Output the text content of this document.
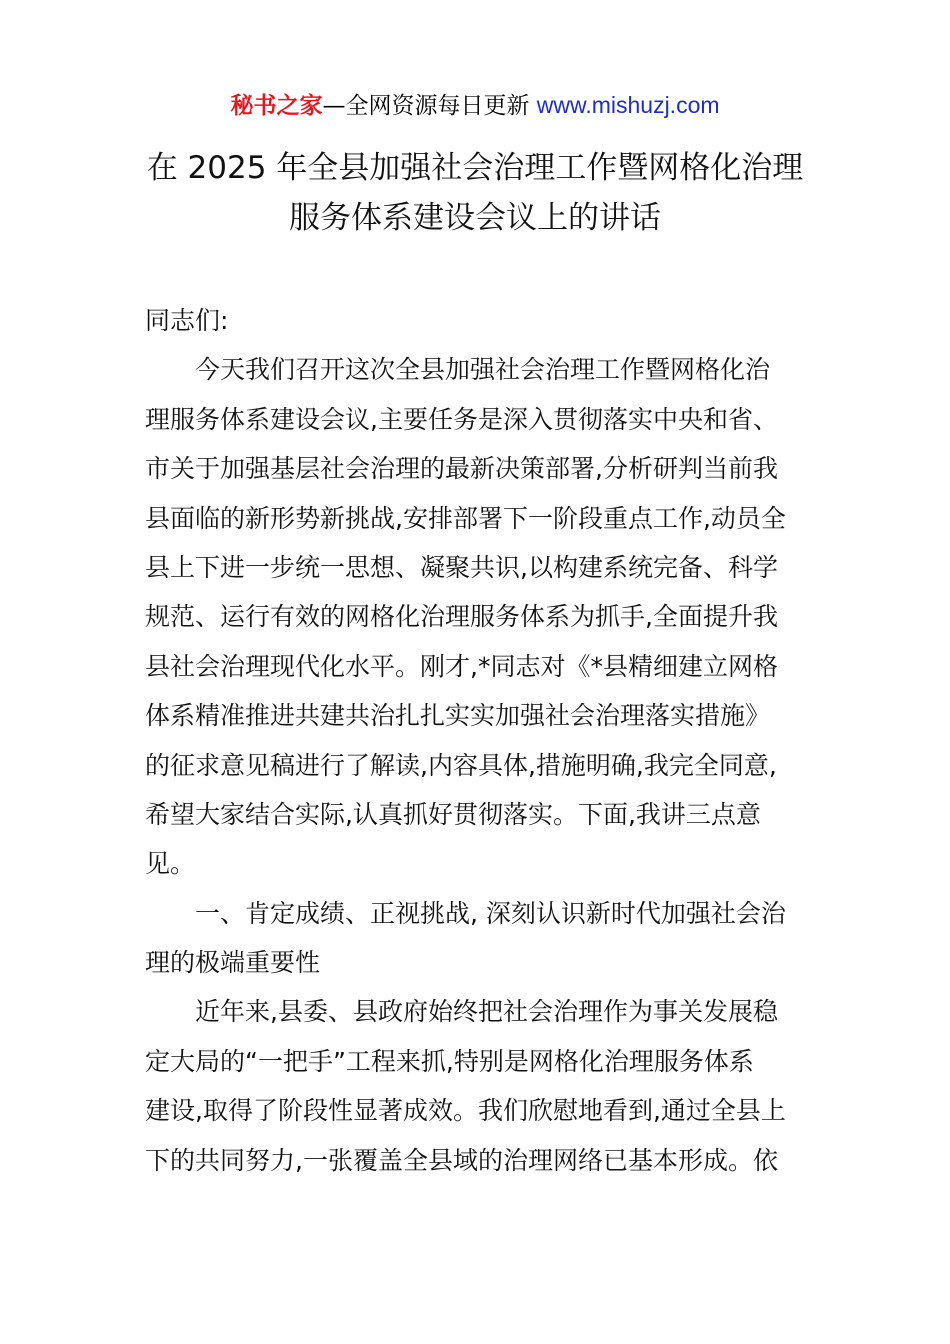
秘书之家—全网资源每日更新 www.mishuzj.com
在 2025 年全县加强社会治理工作暨网格化治理
服务体系建设会议上的讲话
同志们:
　　今天我们召开这次全县加强社会治理工作暨网格化治
理服务体系建设会议,主要任务是深入贯彻落实中央和省、
市关于加强基层社会治理的最新决策部署,分析研判当前我
县面临的新形势新挑战,安排部署下一阶段重点工作,动员全
县上下进一步统一思想、凝聚共识,以构建系统完备、科学
规范、运行有效的网格化治理服务体系为抓手,全面提升我
县社会治理现代化水平。刚才,*同志对《*县精细建立网格
体系精准推进共建共治扎扎实实加强社会治理落实措施》
的征求意见稿进行了解读,内容具体,措施明确,我完全同意,
希望大家结合实际,认真抓好贯彻落实。下面,我讲三点意
见。
　　一、肯定成绩、正视挑战, 深刻认识新时代加强社会治
理的极端重要性
　　近年来,县委、县政府始终把社会治理作为事关发展稳
定大局的“一把手”工程来抓,特别是网格化治理服务体系
建设,取得了阶段性显著成效。我们欣慰地看到,通过全县上
下的共同努力,一张覆盖全县域的治理网络已基本形成。依
